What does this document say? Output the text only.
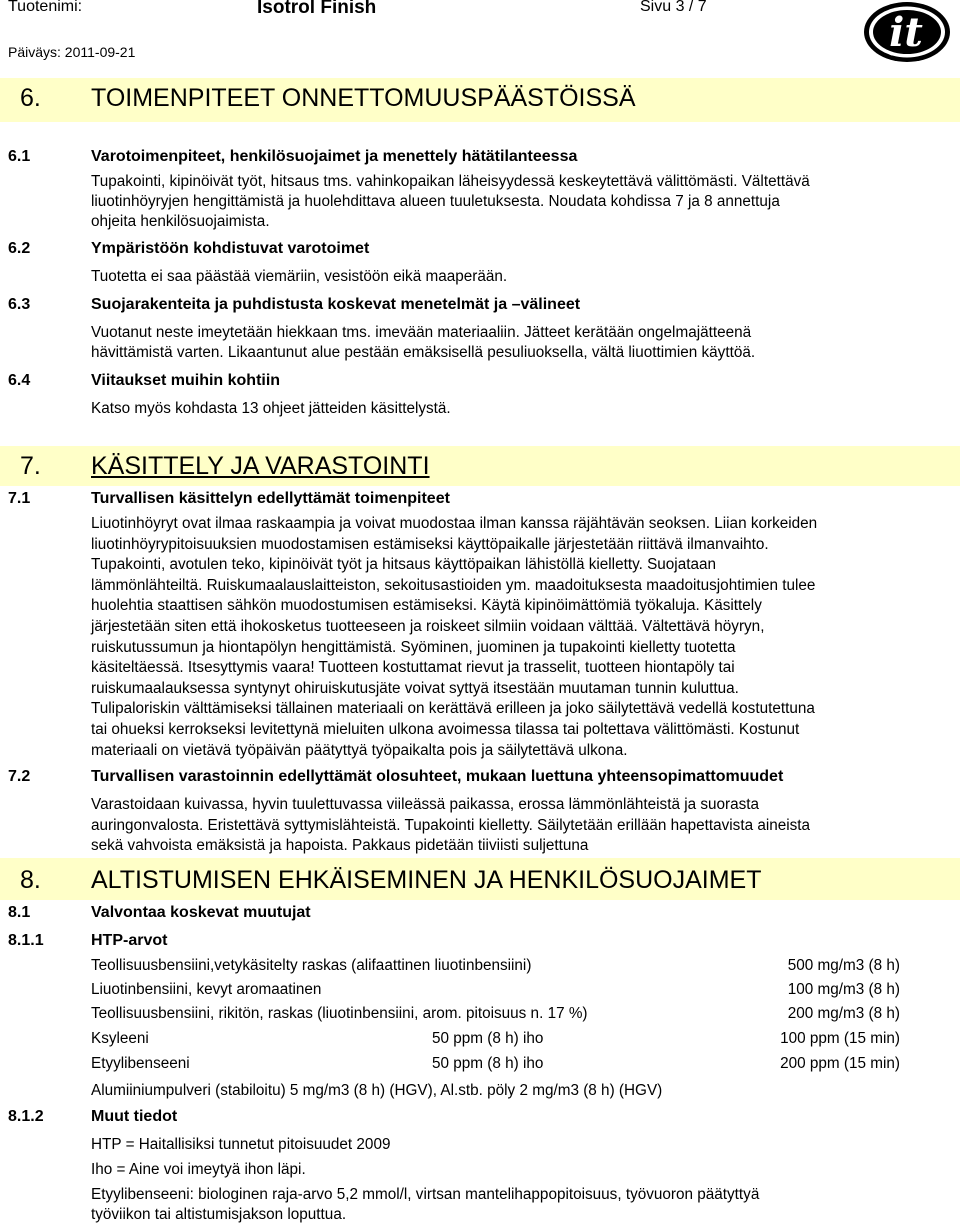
Tuotenimi:	Isotrol Finish	Sivu 3 / 7
Päiväys: 2011-09-21	it
6. TOIMENPITEET ONNETTOMUUSPÄÄSTÖISSÄ
6.1	Varotoimenpiteet, henkilösuojaimet ja menettely hätätilanteessa
Tupakointi, kipinöivät työt, hitsaus tms. vahinkopaikan läheisyydessä keskeytettävä välittömästi. Vältettävä
liuotinhöyryjen hengittämistä ja huolehdittava alueen tuuletuksesta. Noudata kohdissa 7 ja 8 annettuja
ohjeita henkilösuojaimista.
6.2	Ympäristöön kohdistuvat varotoimet
Tuotetta ei saa päästää viemäriin, vesistöön eikä maaperään.
6.3	Suojarakenteita ja puhdistusta koskevat menetelmät ja –välineet
Vuotanut neste imeytetään hiekkaan tms. imevään materiaaliin. Jätteet kerätään ongelmajätteenä
hävittämistä varten. Likaantunut alue pestään emäksisellä pesuliuoksella, vältä liuottimien käyttöä.
6.4	Viitaukset muihin kohtiin
Katso myös kohdasta 13 ohjeet jätteiden käsittelystä.
7. KÄSITTELY JA VARASTOINTI
7.1	Turvallisen käsittelyn edellyttämät toimenpiteet
Liuotinhöyryt ovat ilmaa raskaampia ja voivat muodostaa ilman kanssa räjähtävän seoksen. Liian korkeiden
liuotinhöyrypitoisuuksien muodostamisen estämiseksi käyttöpaikalle järjestetään riittävä ilmanvaihto.
Tupakointi, avotulen teko, kipinöivät työt ja hitsaus käyttöpaikan lähistöllä kielletty. Suojataan
lämmönlähteiltä. Ruiskumaalauslaitteiston, sekoitusastioiden ym. maadoituksesta maadoitusjohtimien tulee
huolehtia staattisen sähkön muodostumisen estämiseksi. Käytä kipinöimättömiä työkaluja. Käsittely
järjestetään siten että ihokosketus tuotteeseen ja roiskeet silmiin voidaan välttää. Vältettävä höyryn,
ruiskutussumun ja hiontapölyn hengittämistä. Syöminen, juominen ja tupakointi kielletty tuotetta
käsiteltäessä. Itsesyttymis vaara! Tuotteen kostuttamat rievut ja trasselit, tuotteen hiontapöly tai
ruiskumaalauksessa syntynyt ohiruiskutusjäte voivat syttyä itsestään muutaman tunnin kuluttua.
Tulipaloriskin välttämiseksi tällainen materiaali on kerättävä erilleen ja joko säilytettävä vedellä kostutettuna
tai ohueksi kerrokseksi levitettynä mieluiten ulkona avoimessa tilassa tai poltettava välittömästi. Kostunut
materiaali on vietävä työpäivän päätyttyä työpaikalta pois ja säilytettävä ulkona.
7.2	Turvallisen varastoinnin edellyttämät olosuhteet, mukaan luettuna yhteensopimattomuudet
Varastoidaan kuivassa, hyvin tuulettuvassa viileässä paikassa, erossa lämmönlähteistä ja suorasta
auringonvalosta. Eristettävä syttymislähteistä. Tupakointi kielletty. Säilytetään erillään hapettavista aineista
sekä vahvoista emäksistä ja hapoista. Pakkaus pidetään tiiviisti suljettuna
8. ALTISTUMISEN EHKÄISEMINEN JA HENKILÖSUOJAIMET
8.1	Valvontaa koskevat muutujat
8.1.1	HTP-arvot
Teollisuusbensiini,vetykäsitelty raskas (alifaattinen liuotinbensiini)	500 mg/m3 (8 h)
Liuotinbensiini, kevyt aromaatinen	100 mg/m3 (8 h)
Teollisuusbensiini, rikitön, raskas (liuotinbensiini, arom. pitoisuus n. 17 %)	200 mg/m3 (8 h)
Ksyleeni	50 ppm (8 h) iho	100 ppm (15 min)
Etyylibenseeni	50 ppm (8 h) iho	200 ppm (15 min)
Alumiiniumpulveri (stabiloitu) 5 mg/m3 (8 h) (HGV), Al.stb. pöly 2 mg/m3 (8 h) (HGV)
8.1.2	Muut tiedot
HTP = Haitallisiksi tunnetut pitoisuudet 2009
Iho = Aine voi imeytyä ihon läpi.
Etyylibenseeni: biologinen raja-arvo 5,2 mmol/l, virtsan mantelihappopitoisuus, työvuoron päätyttyä
työviikon tai altistumisjakson loputtua.
